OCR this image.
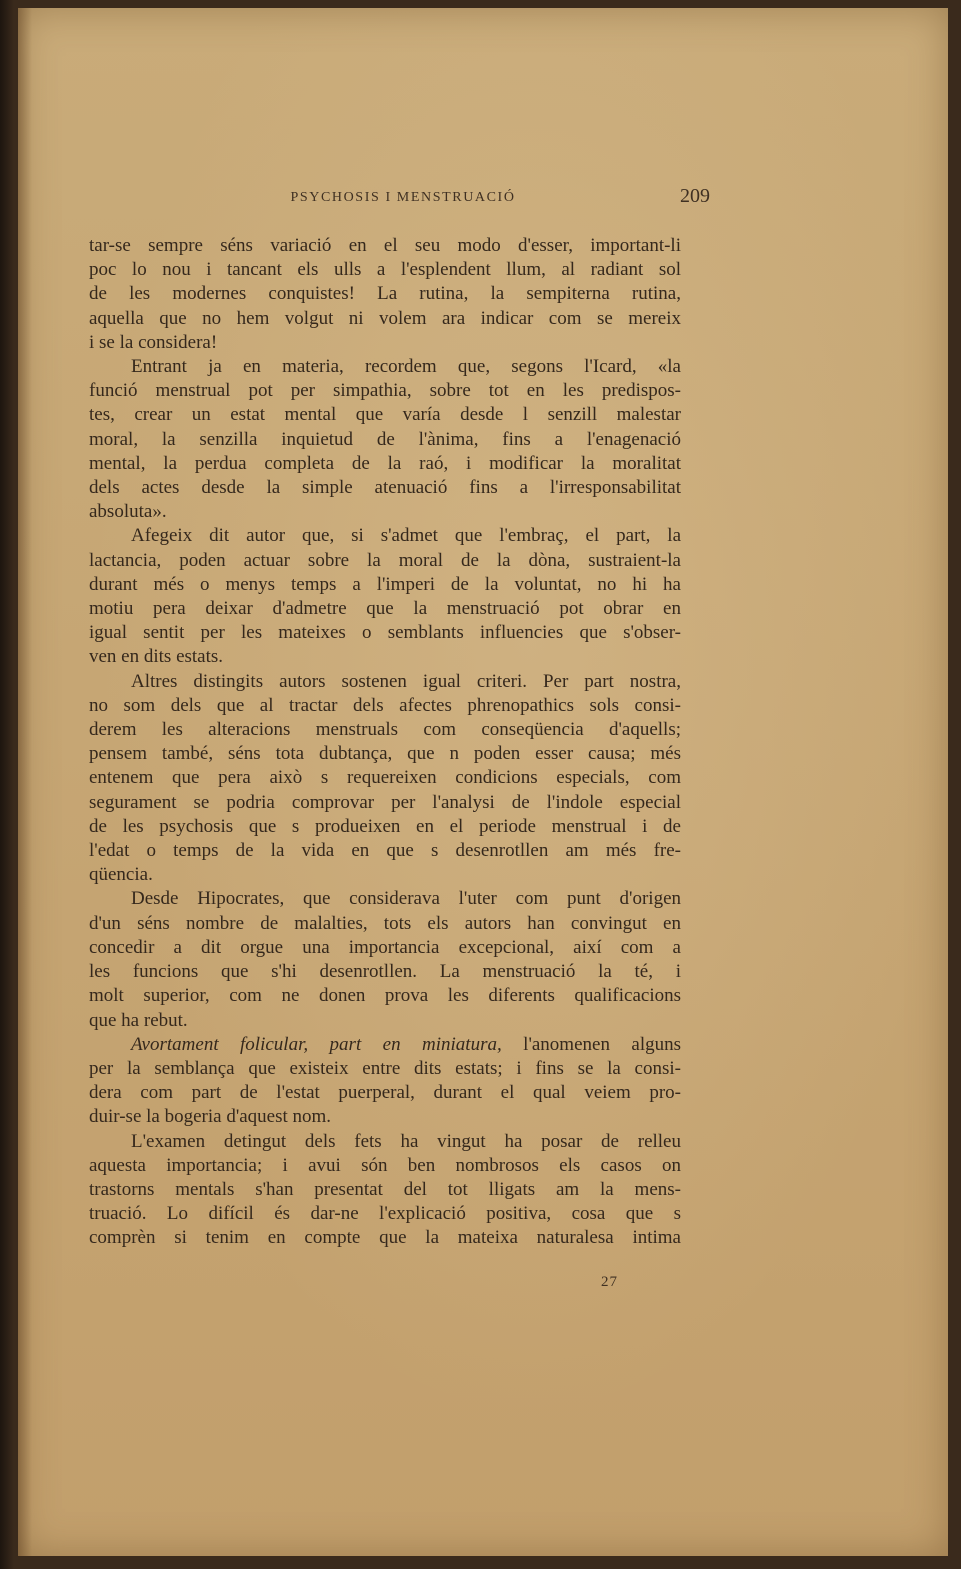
PSYCHOSIS I MENSTRUACIÓ	209
tar-se sempre séns variació en el seu modo d'esser, important-li
poc lo nou i tancant els ulls a l'esplendent llum, al radiant sol
de les modernes conquistes! La rutina, la sempiterna rutina,
aquella que no hem volgut ni volem ara indicar com se mereix
i se la considera!
Entrant ja en materia, recordem que, segons l'Icard, «la
funció menstrual pot per simpathia, sobre tot en les predispos-
tes, crear un estat mental que varía desde l senzill malestar
moral, la senzilla inquietud de l'ànima, fins a l'enagenació
mental, la perdua completa de la raó, i modificar la moralitat
dels actes desde la simple atenuació fins a l'irresponsabilitat
absoluta».
Afegeix dit autor que, si s'admet que l'embraç, el part, la
lactancia, poden actuar sobre la moral de la dòna, sustraient-la
durant més o menys temps a l'imperi de la voluntat, no hi ha
motiu pera deixar d'admetre que la menstruació pot obrar en
igual sentit per les mateixes o semblants influencies que s'obser-
ven en dits estats.
Altres distingits autors sostenen igual criteri. Per part nostra,
no som dels que al tractar dels afectes phrenopathics sols consi-
derem les alteracions menstruals com conseqüencia d'aquells;
pensem també, séns tota dubtança, que n poden esser causa; més
entenem que pera això s requereixen condicions especials, com
segurament se podria comprovar per l'analysi de l'indole especial
de les psychosis que s produeixen en el periode menstrual i de
l'edat o temps de la vida en que s desenrotllen am més fre-
qüencia.
Desde Hipocrates, que considerava l'uter com punt d'origen
d'un séns nombre de malalties, tots els autors han convingut en
concedir a dit orgue una importancia excepcional, així com a
les funcions que s'hi desenrotllen. La menstruació la té, i
molt superior, com ne donen prova les diferents qualificacions
que ha rebut.
Avortament folicular, part en miniatura, l'anomenen alguns
per la semblança que existeix entre dits estats; i fins se la consi-
dera com part de l'estat puerperal, durant el qual veiem pro-
duir-se la bogeria d'aquest nom.
L'examen detingut dels fets ha vingut ha posar de relleu
aquesta importancia; i avui són ben nombrosos els casos on
trastorns mentals s'han presentat del tot lligats am la mens-
truació. Lo difícil és dar-ne l'explicació positiva, cosa que s
comprèn si tenim en compte que la mateixa naturalesa intima
27
